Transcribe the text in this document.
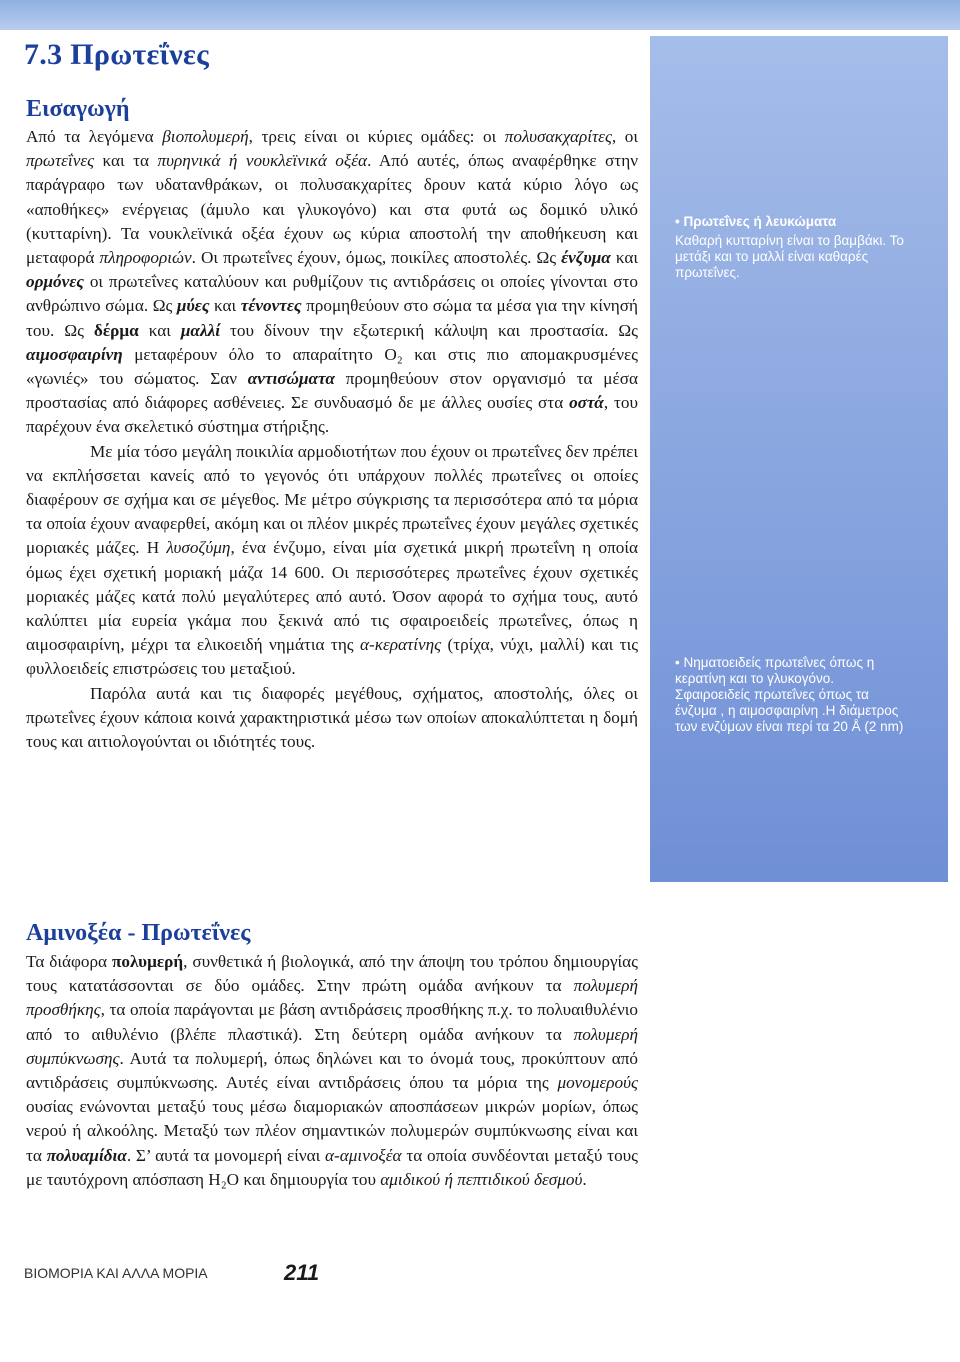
7.3 Πρωτεΐνες
• Πρωτεΐνες ή λευκώματα
Καθαρή κυτταρίνη είναι το βαμβάκι. Το μετάξι και το μαλλί είναι καθαρές πρωτεΐνες.
• Νηματοειδείς πρωτεΐνες όπως η κερατίνη και το γλυκογόνο.
Σφαιροειδείς πρωτεΐνες όπως τα ένζυμα , η αιμοσφαιρίνη .Η διάμετρος των ενζύμων είναι περί τα 20 Å (2 nm)
Εισαγωγή

Από τα λεγόμενα βιοπολυμερή, τρεις είναι οι κύριες ομάδες: οι πολυσακχαρίτες, οι πρωτεΐνες και τα πυρηνικά ή νουκλεϊνικά οξέα. Από αυτές, όπως αναφέρθηκε στην παράγραφο των υδατανθράκων, οι πολυσακχαρίτες δρουν κατά κύριο λόγο ως «αποθήκες» ενέργειας (άμυλο και γλυκογόνο) και στα φυτά ως δομικό υλικό (κυτταρίνη). Τα νουκλεϊνικά οξέα έχουν ως κύρια αποστολή την αποθήκευση και μεταφορά πληροφοριών. Οι πρωτεΐνες έχουν, όμως, ποικίλες αποστολές. Ως ένζυμα και ορμόνες οι πρωτεΐνες καταλύουν και ρυθμίζουν τις αντιδράσεις οι οποίες γίνονται στο ανθρώπινο σώμα. Ως μύες και τένοντες προμηθεύουν στο σώμα τα μέσα για την κίνησή του. Ως δέρμα και μαλλί του δίνουν την εξωτερική κάλυψη και προστασία. Ως αιμοσφαιρίνη μεταφέρουν όλο το απαραίτητο O₂ και στις πιο απομακρυσμένες «γωνιές» του σώματος. Σαν αντισώματα προμηθεύουν στον οργανισμό τα μέσα προστασίας από διάφορες ασθένειες. Σε συνδυασμό δε με άλλες ουσίες στα οστά, του παρέχουν ένα σκελετικό σύστημα στήριξης.

Με μία τόσο μεγάλη ποικιλία αρμοδιοτήτων που έχουν οι πρωτεΐνες δεν πρέπει να εκπλήσσεται κανείς από το γεγονός ότι υπάρχουν πολλές πρωτεΐνες οι οποίες διαφέρουν σε σχήμα και σε μέγεθος. Με μέτρο σύγκρισης τα περισσότερα από τα μόρια τα οποία έχουν αναφερθεί, ακόμη και οι πλέον μικρές πρωτεΐνες έχουν μεγάλες σχετικές μοριακές μάζες. Η λυσοζύμη, ένα ένζυμο, είναι μία σχετικά μικρή πρωτεΐνη η οποία όμως έχει σχετική μοριακή μάζα 14 600. Οι περισσότερες πρωτεΐνες έχουν σχετικές μοριακές μάζες κατά πολύ μεγαλύτερες από αυτό. Όσον αφορά το σχήμα τους, αυτό καλύπτει μία ευρεία γκάμα που ξεκινά από τις σφαιροειδείς πρωτεΐνες, όπως η αιμοσφαιρίνη, μέχρι τα ελικοειδή νημάτια της α-κερατίνης (τρίχα, νύχι, μαλλί) και τις φυλλοειδείς επιστρώσεις του μεταξιού.

Παρόλα αυτά και τις διαφορές μεγέθους, σχήματος, αποστολής, όλες οι πρωτεΐνες έχουν κάποια κοινά χαρακτηριστικά μέσω των οποίων αποκαλύπτεται η δομή τους και αιτιολογούνται οι ιδιότητές τους.

Αμινοξέα - Πρωτεΐνες

Τα διάφορα πολυμερή, συνθετικά ή βιολογικά, από την άποψη του τρόπου δημιουργίας τους κατατάσσονται σε δύο ομάδες. Στην πρώτη ομάδα ανήκουν τα πολυμερή προσθήκης, τα οποία παράγονται με βάση αντιδράσεις προσθήκης π.χ. το πολυαιθυλένιο από το αιθυλένιο (βλέπε πλαστικά). Στη δεύτερη ομάδα ανήκουν τα πολυμερή συμπύκνωσης. Αυτά τα πολυμερή, όπως δηλώνει και το όνομά τους, προκύπτουν από αντιδράσεις συμπύκνωσης. Αυτές είναι αντιδράσεις όπου τα μόρια της μονομερούς ουσίας ενώνονται μεταξύ τους μέσω διαμοριακών αποσπάσεων μικρών μορίων, όπως νερού ή αλκοόλης. Μεταξύ των πλέον σημαντικών πολυμερών συμπύκνωσης είναι και τα πολυαμίδια. Σ’ αυτά τα μονομερή είναι α-αμινοξέα τα οποία συνδέονται μεταξύ τους με ταυτόχρονη απόσπαση H₂O και δημιουργία του αμιδικού ή πεπτιδικού δεσμού.

ΒΙΟΜΟΡΙΑ ΚΑΙ ΑΛΛΑ ΜΟΡΙΑ	211
